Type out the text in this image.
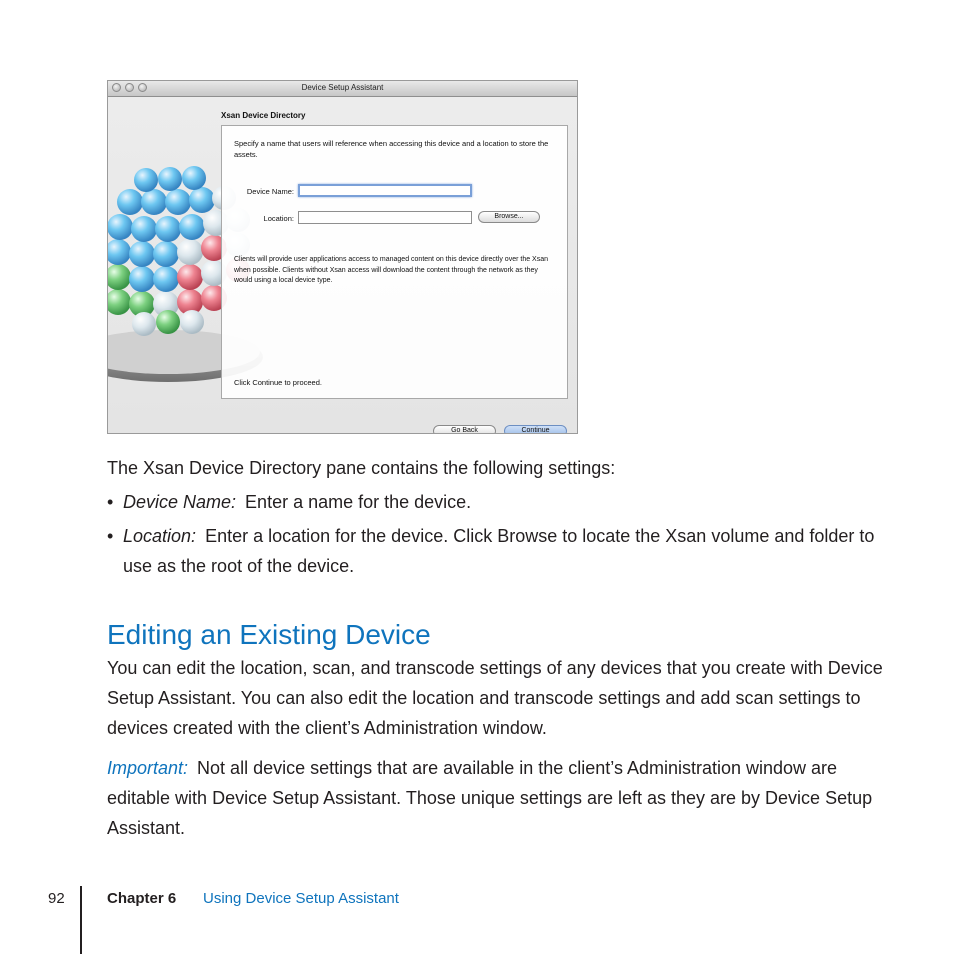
Device Setup Assistant
Xsan Device Directory
Specify a name that users will reference when accessing this device and a location to store the assets.
Device Name:
Location:	Browse...
Clients will provide user applications access to managed content on this device directly over the Xsan when possible. Clients without Xsan access will download the content through the network as they would using a local device type.
Click Continue to proceed.
Go Back	Continue
The Xsan Device Directory pane contains the following settings:
• Device Name: Enter a name for the device.
• Location: Enter a location for the device. Click Browse to locate the Xsan volume and folder to use as the root of the device.
Editing an Existing Device
You can edit the location, scan, and transcode settings of any devices that you create with Device Setup Assistant. You can also edit the location and transcode settings and add scan settings to devices created with the client’s Administration window.
Important: Not all device settings that are available in the client’s Administration window are editable with Device Setup Assistant. Those unique settings are left as they are by Device Setup Assistant.
92	Chapter 6 Using Device Setup Assistant
